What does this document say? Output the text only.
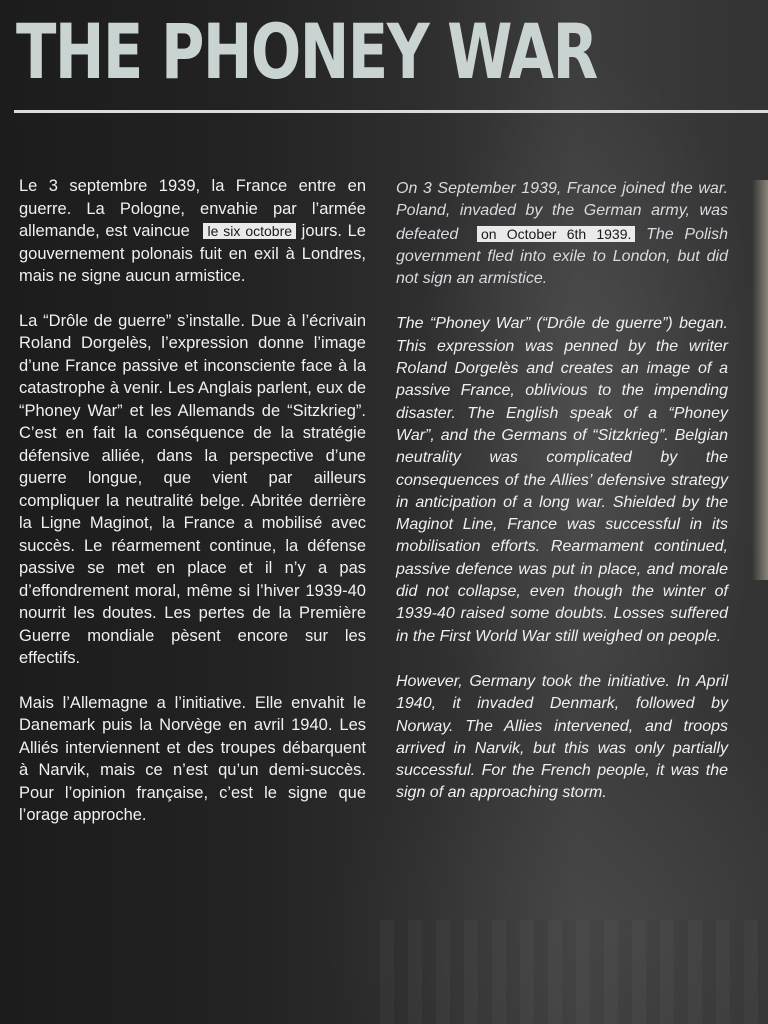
THE PHONEY WAR

Le 3 septembre 1939, la France entre en guerre. La Pologne, envahie par l’armée allemande, est vaincue le six octobre jours. Le gouvernement polonais fuit en exil à Londres, mais ne signe aucun armistice.

La “Drôle de guerre” s’installe. Due à l’écrivain Roland Dorgelès, l’expression donne l’image d’une France passive et inconsciente face à la catastrophe à venir. Les Anglais parlent, eux de “Phoney War” et les Allemands de “Sitzkrieg”. C’est en fait la conséquence de la stratégie défensive alliée, dans la perspective d’une guerre longue, que vient par ailleurs compliquer la neutralité belge. Abritée derrière la Ligne Maginot, la France a mobilisé avec succès. Le réarmement continue, la défense passive se met en place et il n’y a pas d’effondrement moral, même si l’hiver 1939-40 nourrit les doutes. Les pertes de la Première Guerre mondiale pèsent encore sur les effectifs.

Mais l’Allemagne a l’initiative. Elle envahit le Danemark puis la Norvège en avril 1940. Les Alliés interviennent et des troupes débarquent à Narvik, mais ce n’est qu’un demi-succès. Pour l’opinion française, c’est le signe que l’orage approche.

On 3 September 1939, France joined the war. Poland, invaded by the German army, was defeated on October 6th 1939. The Polish government fled into exile to London, but did not sign an armistice.

The “Phoney War” (“Drôle de guerre”) began. This expression was penned by the writer Roland Dorgelès and creates an image of a passive France, oblivious to the impending disaster. The English speak of a “Phoney War”, and the Germans of “Sitzkrieg”. Belgian neutrality was complicated by the consequences of the Allies’ defensive strategy in anticipation of a long war. Shielded by the Maginot Line, France was successful in its mobilisation efforts. Rearmament continued, passive defence was put in place, and morale did not collapse, even though the winter of 1939-40 raised some doubts. Losses suffered in the First World War still weighed on people.

However, Germany took the initiative. In April 1940, it invaded Denmark, followed by Norway. The Allies intervened, and troops arrived in Narvik, but this was only partially successful. For the French people, it was the sign of an approaching storm.
